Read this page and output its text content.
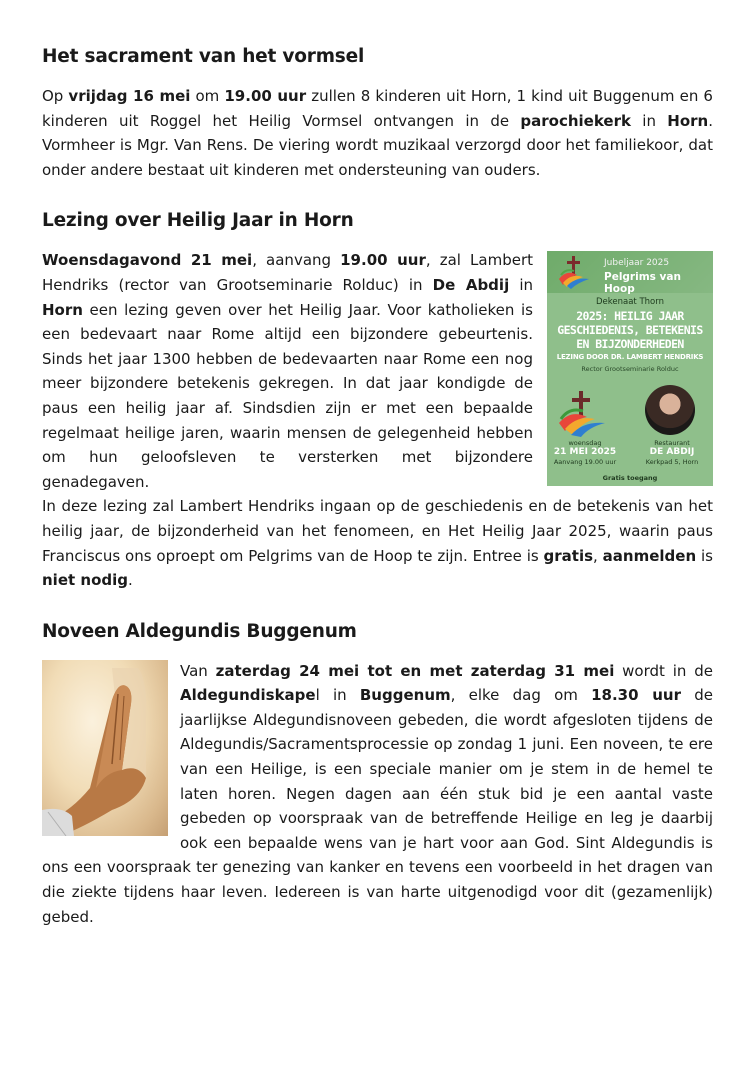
Het sacrament van het vormsel

Op vrijdag 16 mei om 19.00 uur zullen 8 kinderen uit Horn, 1 kind uit Buggenum en 6 kinderen uit Roggel het Heilig Vormsel ontvangen in de parochiekerk in Horn. Vormheer is Mgr. Van Rens. De viering wordt muzikaal verzorgd door het familiekoor, dat onder andere bestaat uit kinderen met ondersteuning van ouders.

Lezing over Heilig Jaar in Horn
Jubeljaar 2025
Pelgrims van Hoop
Dekenaat Thorn
2025: HEILIG JAAR GESCHIEDENIS, BETEKENIS EN BIJZONDERHEDEN
LEZING DOOR DR. LAMBERT HENDRIKS
Rector Grootseminarie Rolduc
woensdag
21 MEI 2025
Aanvang 19.00 uur
Restaurant
DE ABDIJ
Kerkpad 5, Horn
Gratis toegang

Woensdagavond 21 mei, aanvang 19.00 uur, zal Lambert Hendriks (rector van Grootseminarie Rolduc) in De Abdij in Horn een lezing geven over het Heilig Jaar. Voor katholieken is een bedevaart naar Rome altijd een bijzondere gebeurtenis. Sinds het jaar 1300 hebben de bedevaarten naar Rome een nog meer bijzondere betekenis gekregen. In dat jaar kondigde de paus een heilig jaar af. Sindsdien zijn er met een bepaalde regelmaat heilige jaren, waarin mensen de gelegenheid hebben om hun geloofsleven te versterken met bijzondere genadegaven.

In deze lezing zal Lambert Hendriks ingaan op de geschiedenis en de betekenis van het heilig jaar, de bijzonderheid van het fenomeen, en Het Heilig Jaar 2025, waarin paus Franciscus ons oproept om Pelgrims van de Hoop te zijn. Entree is gratis, aanmelden is niet nodig.

Noveen Aldegundis Buggenum

Van zaterdag 24 mei tot en met zaterdag 31 mei wordt in de Aldegundiskapel in Buggenum, elke dag om 18.30 uur de jaarlijkse Aldegundisnoveen gebeden, die wordt afgesloten tijdens de Aldegundis/Sacramentsprocessie op zondag 1 juni. Een noveen, te ere van een Heilige, is een speciale manier om je stem in de hemel te laten horen. Negen dagen aan één stuk bid je een aantal vaste gebeden op voorspraak van de betreffende Heilige en leg je daarbij ook een bepaalde wens van je hart voor aan God. Sint Aldegundis is ons een voorspraak ter genezing van kanker en tevens een voorbeeld in het dragen van die ziekte tijdens haar leven. Iedereen is van harte uitgenodigd voor dit (gezamenlijk) gebed.
